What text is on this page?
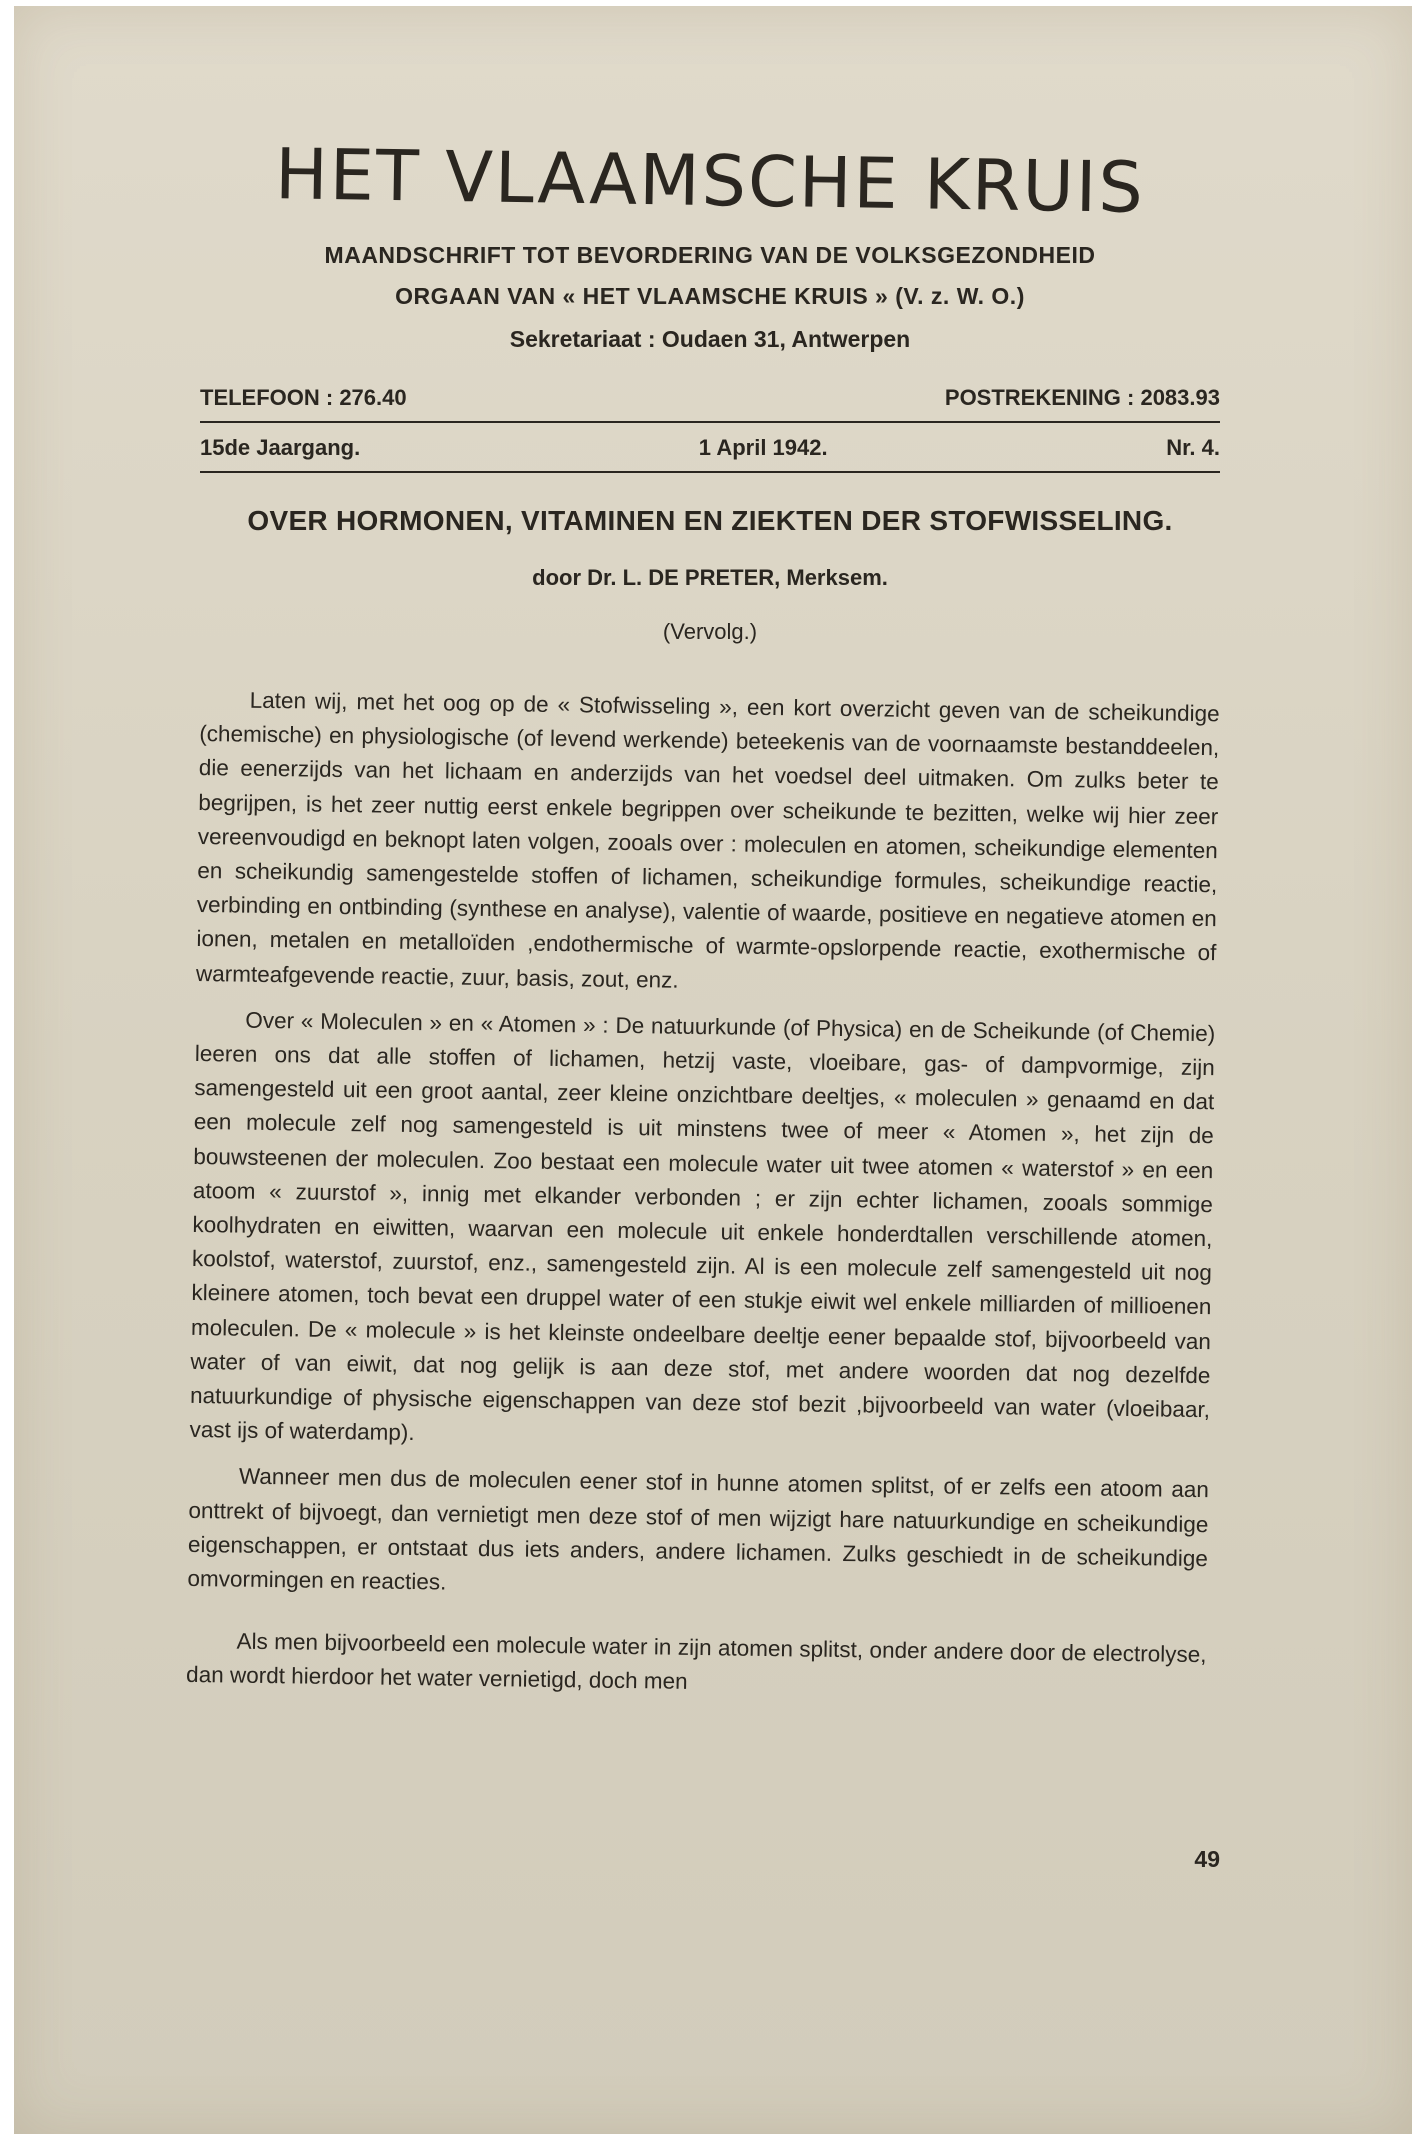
HET VLAAMSCHE KRUIS
MAANDSCHRIFT TOT BEVORDERING VAN DE VOLKSGEZONDHEID
ORGAAN VAN « HET VLAAMSCHE KRUIS » (V. z. W. O.)
Sekretariaat : Oudaen 31, Antwerpen
TELEFOON : 276.40	POSTREKENING : 2083.93
15de Jaargang.	1 April 1942.	Nr. 4.
OVER HORMONEN, VITAMINEN EN ZIEKTEN DER STOFWISSELING.
door Dr. L. DE PRETER, Merksem.
(Vervolg.)

Laten wij, met het oog op de « Stofwisseling », een kort overzicht geven van de scheikundige (chemische) en physiologische (of levend werkende) beteekenis van de voornaamste bestanddeelen, die eenerzijds van het lichaam en anderzijds van het voedsel deel uitmaken. Om zulks beter te begrijpen, is het zeer nuttig eerst enkele begrippen over scheikunde te bezitten, welke wij hier zeer vereenvoudigd en beknopt laten volgen, zooals over : moleculen en atomen, scheikundige elementen en scheikundig samengestelde stoffen of lichamen, scheikundige formules, scheikundige reactie, verbinding en ontbinding (synthese en analyse), valentie of waarde, positieve en negatieve atomen en ionen, metalen en metalloïden ,endothermische of warmte-opslorpende reactie, exothermische of warmteafgevende reactie, zuur, basis, zout, enz.

Over « Moleculen » en « Atomen » : De natuurkunde (of Physica) en de Scheikunde (of Chemie) leeren ons dat alle stoffen of lichamen, hetzij vaste, vloeibare, gas- of dampvormige, zijn samengesteld uit een groot aantal, zeer kleine onzichtbare deeltjes, « moleculen » genaamd en dat een molecule zelf nog samengesteld is uit minstens twee of meer « Atomen », het zijn de bouwsteenen der moleculen. Zoo bestaat een molecule water uit twee atomen « waterstof » en een atoom « zuurstof », innig met elkander verbonden ; er zijn echter lichamen, zooals sommige koolhydraten en eiwitten, waarvan een molecule uit enkele honderdtallen verschillende atomen, koolstof, waterstof, zuurstof, enz., samengesteld zijn. Al is een molecule zelf samengesteld uit nog kleinere atomen, toch bevat een druppel water of een stukje eiwit wel enkele milliarden of millioenen moleculen. De « molecule » is het kleinste ondeelbare deeltje eener bepaalde stof, bijvoorbeeld van water of van eiwit, dat nog gelijk is aan deze stof, met andere woorden dat nog dezelfde natuurkundige of physische eigenschappen van deze stof bezit ,bijvoorbeeld van water (vloeibaar, vast ijs of waterdamp).

Wanneer men dus de moleculen eener stof in hunne atomen splitst, of er zelfs een atoom aan onttrekt of bijvoegt, dan vernietigt men deze stof of men wijzigt hare natuurkundige en scheikundige eigenschappen, er ontstaat dus iets anders, andere lichamen. Zulks geschiedt in de scheikundige omvormingen en reacties.

Als men bijvoorbeeld een molecule water in zijn atomen splitst, onder andere door de electrolyse, dan wordt hierdoor het water vernietigd, doch men

49
